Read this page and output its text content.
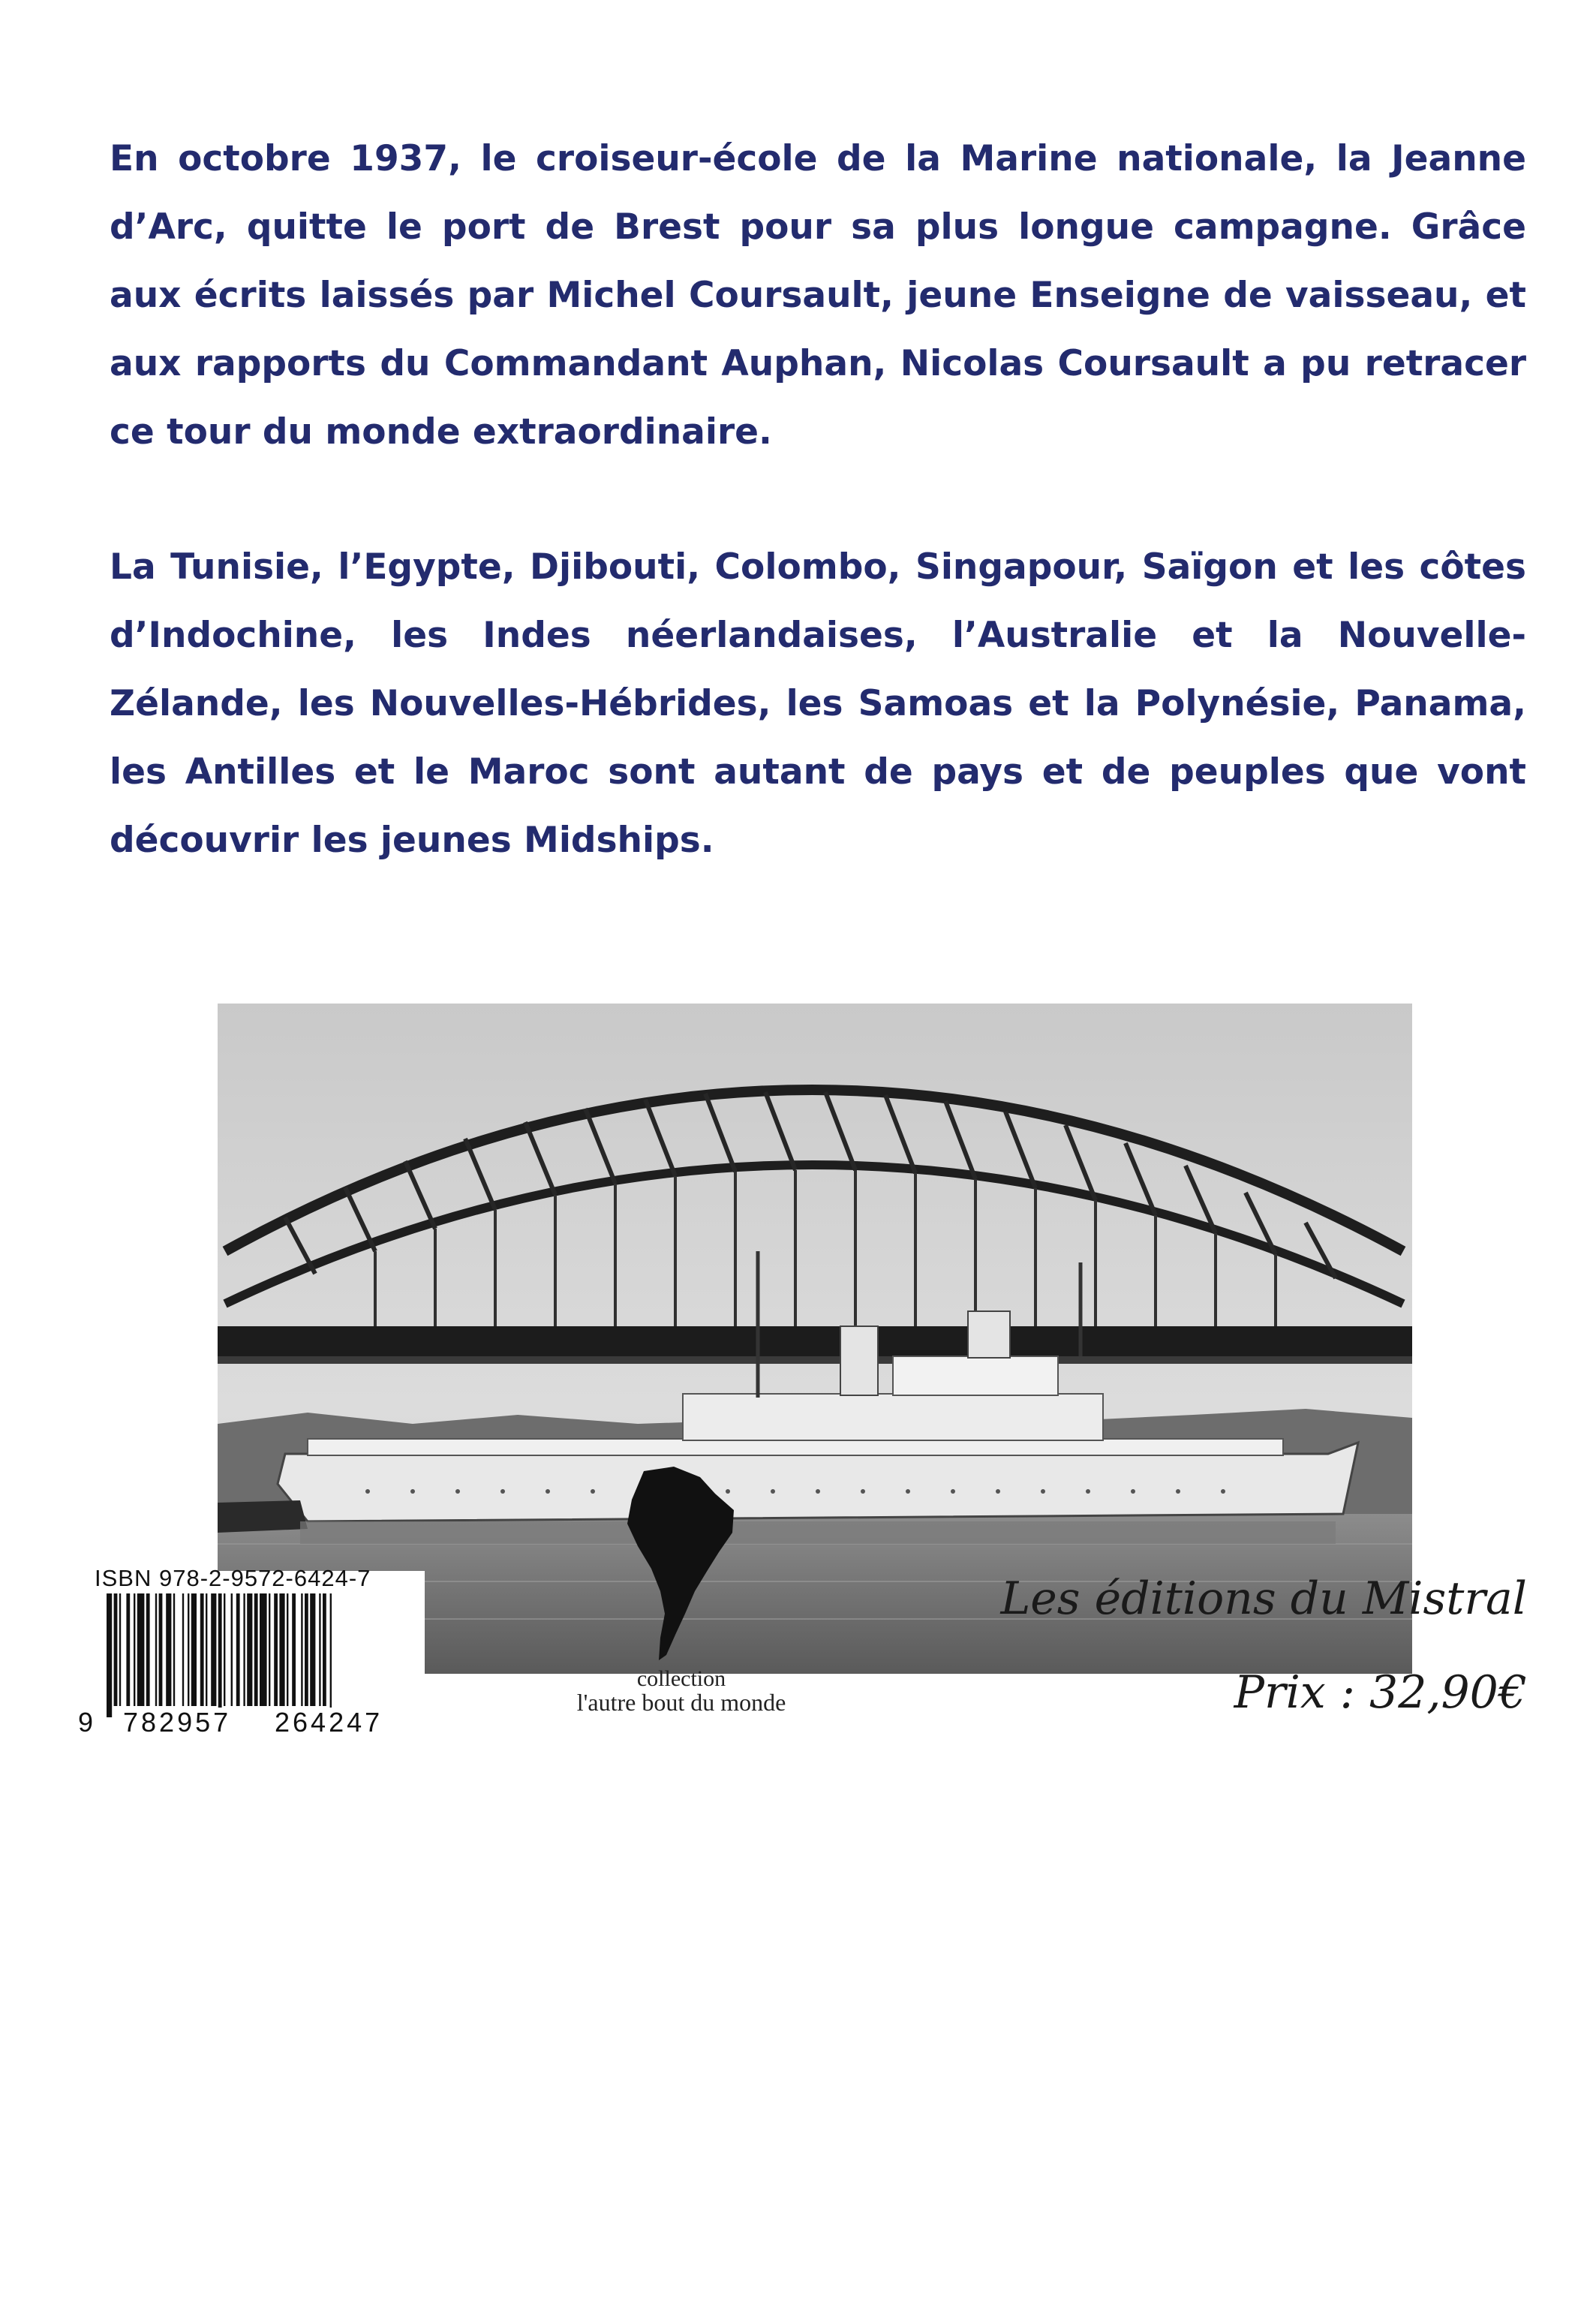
En octobre 1937, le croiseur-école de la Marine nationale, la Jeanne d’Arc, quitte le port de Brest pour sa plus longue campagne. Grâce aux écrits laissés par Michel Coursault, jeune Enseigne de vaisseau, et aux rapports du Commandant Auphan, Nicolas Coursault a pu retracer ce tour du monde extraordinaire.

La Tunisie, l’Egypte, Djibouti, Colombo, Singapour, Saïgon et les côtes d’Indochine, les Indes néerlandaises, l’Australie et la Nouvelle-Zélande, les Nouvelles-Hébrides, les Samoas et la Polynésie, Panama, les Antilles et le Maroc sont autant de pays et de peuples que vont découvrir les jeunes Midships.

ISBN 978-2-9572-6424-7
9 782957 264247
collection
l'autre bout du monde
Les éditions du Mistral
Prix : 32,90€
